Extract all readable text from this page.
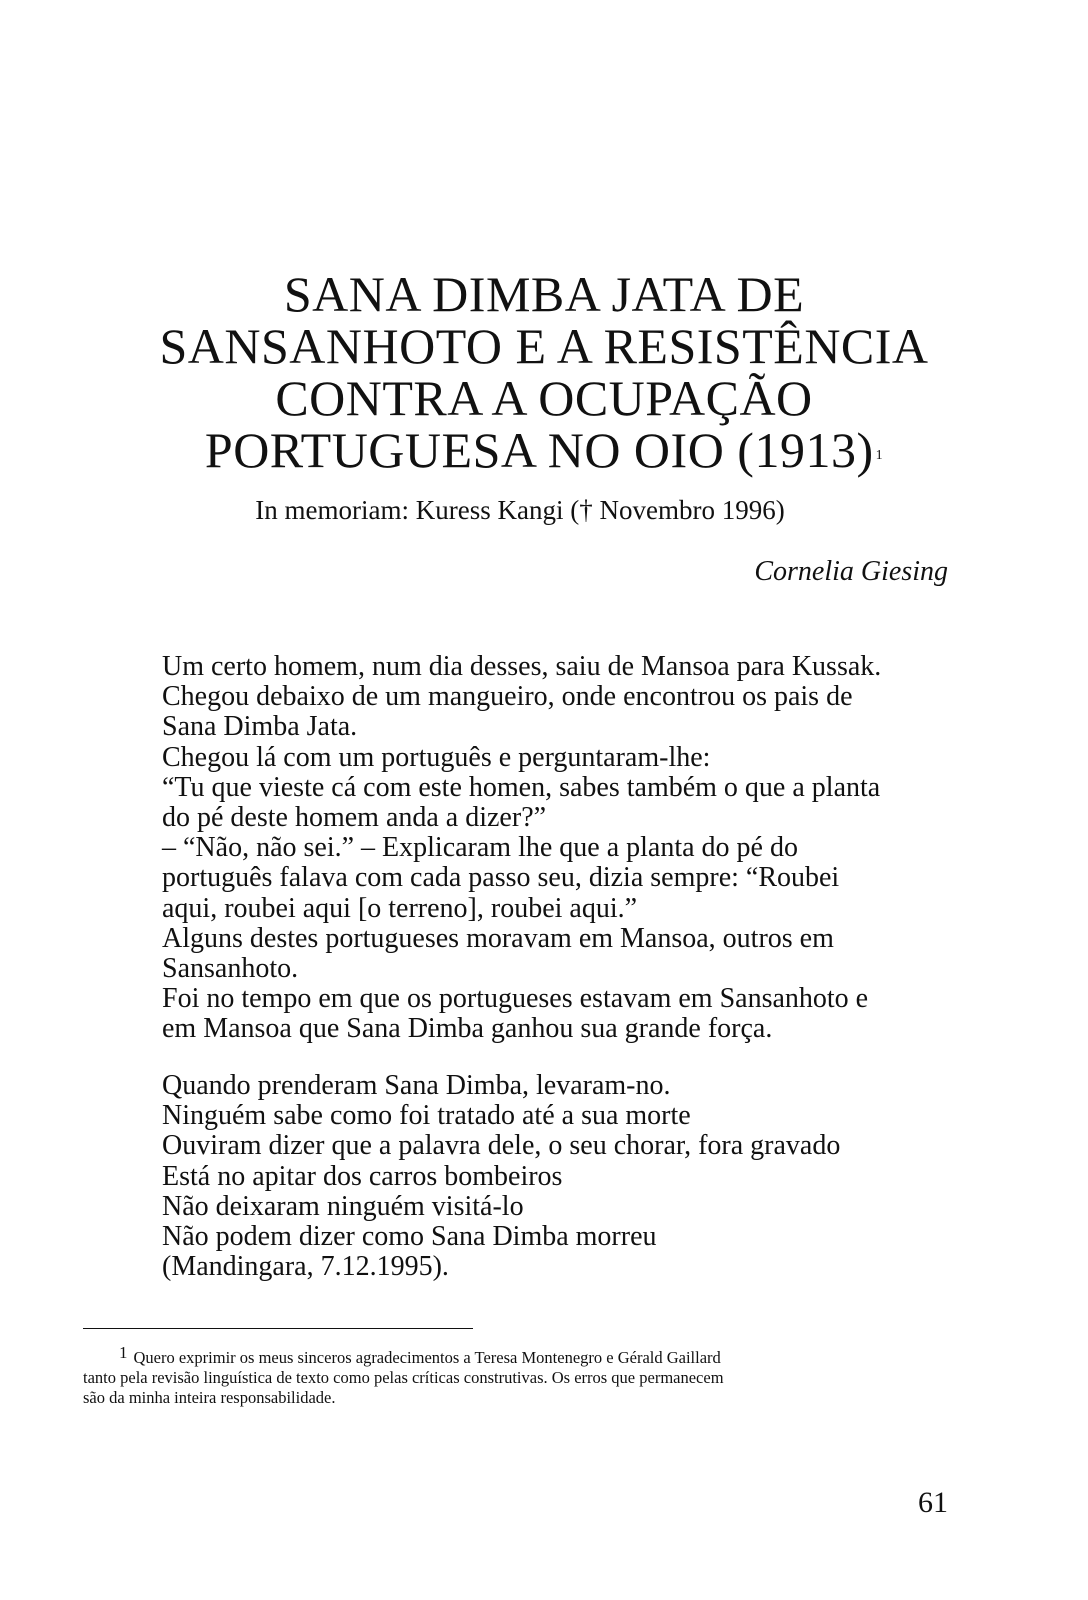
SANA DIMBA JATA DE
SANSANHOTO E A RESISTÊNCIA
CONTRA A OCUPAÇÃO
PORTUGUESA NO OIO (1913) $^1$
In memoriam: Kuress Kangi († Novembro 1996)
Cornelia Giesing
Um certo homem, num dia desses, saiu de Mansoa para Kussak.
Chegou debaixo de um mangueiro, onde encontrou os pais de
Sana Dimba Jata.
Chegou lá com um português e perguntaram-lhe:
“Tu que vieste cá com este homen, sabes também o que a planta
do pé deste homem anda a dizer?”
– “Não, não sei.” – Explicaram lhe que a planta do pé do
português falava com cada passo seu, dizia sempre: “Roubei
aqui, roubei aqui [o terreno], roubei aqui.”
Alguns destes portugueses moravam em Mansoa, outros em
Sansanhoto.
Foi no tempo em que os portugueses estavam em Sansanhoto e
em Mansoa que Sana Dimba ganhou sua grande força.
Quando prenderam Sana Dimba, levaram-no.
Ninguém sabe como foi tratado até a sua morte
Ouviram dizer que a palavra dele, o seu chorar, fora gravado
Está no apitar dos carros bombeiros
Não deixaram ninguém visitá-lo
Não podem dizer como Sana Dimba morreu
(Mandingara, 7.12.1995).
1 Quero exprimir os meus sinceros agradecimentos a Teresa Montenegro e Gérald Gaillard
tanto pela revisão linguística de texto como pelas críticas construtivas. Os erros que permanecem
são da minha inteira responsabilidade.
61
